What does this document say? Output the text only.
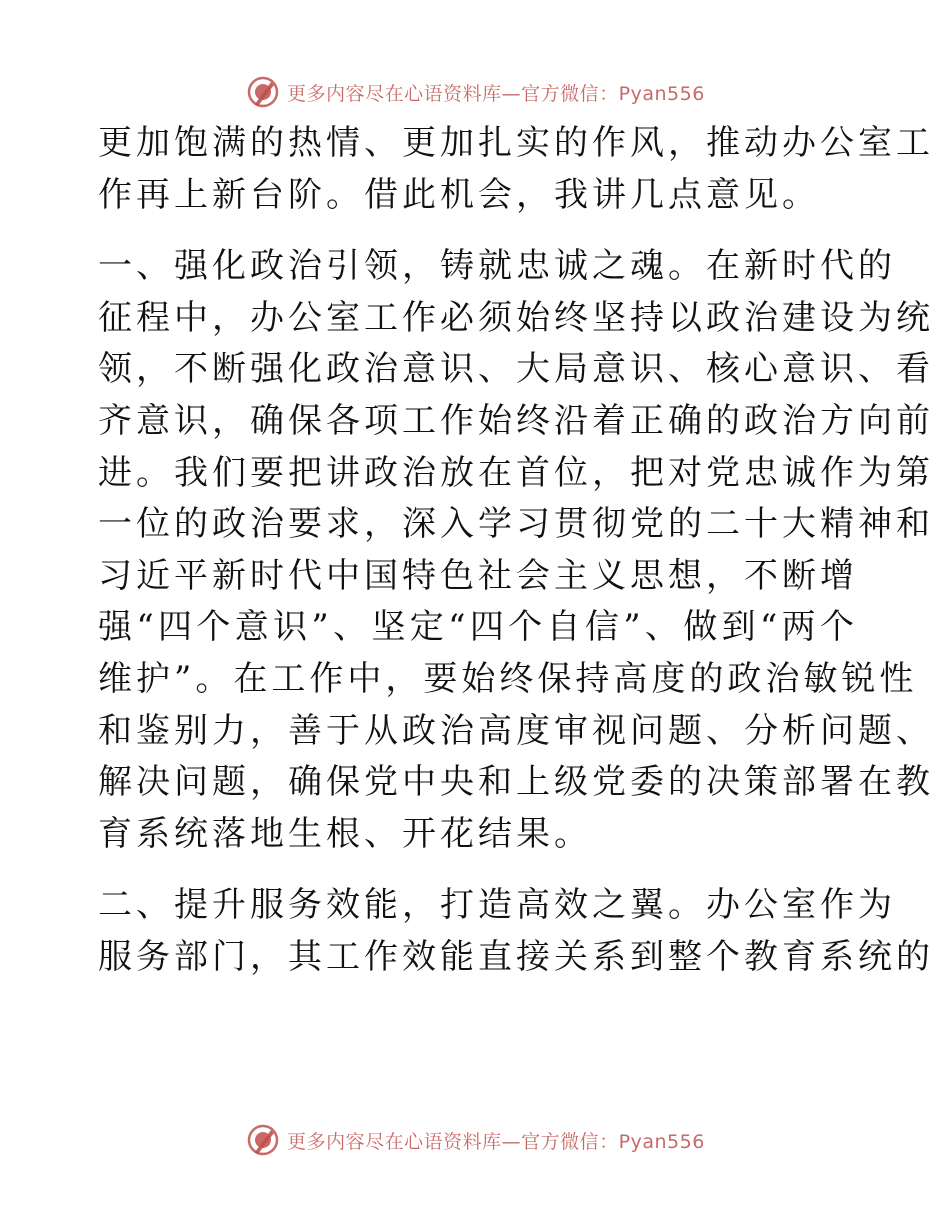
更多内容尽在心语资料库—官方微信：Pyan556
更加饱满的热情、更加扎实的作风，推动办公室工
作再上新台阶。借此机会，我讲几点意见。
一、强化政治引领，铸就忠诚之魂。在新时代的
征程中，办公室工作必须始终坚持以政治建设为统
领，不断强化政治意识、大局意识、核心意识、看
齐意识，确保各项工作始终沿着正确的政治方向前
进。我们要把讲政治放在首位，把对党忠诚作为第
一位的政治要求，深入学习贯彻党的二十大精神和
习近平新时代中国特色社会主义思想，不断增
强“四个意识”、坚定“四个自信”、做到“两个
维护”。在工作中，要始终保持高度的政治敏锐性
和鉴别力，善于从政治高度审视问题、分析问题、
解决问题，确保党中央和上级党委的决策部署在教
育系统落地生根、开花结果。
二、提升服务效能，打造高效之翼。办公室作为
服务部门，其工作效能直接关系到整个教育系统的
更多内容尽在心语资料库—官方微信：Pyan556
